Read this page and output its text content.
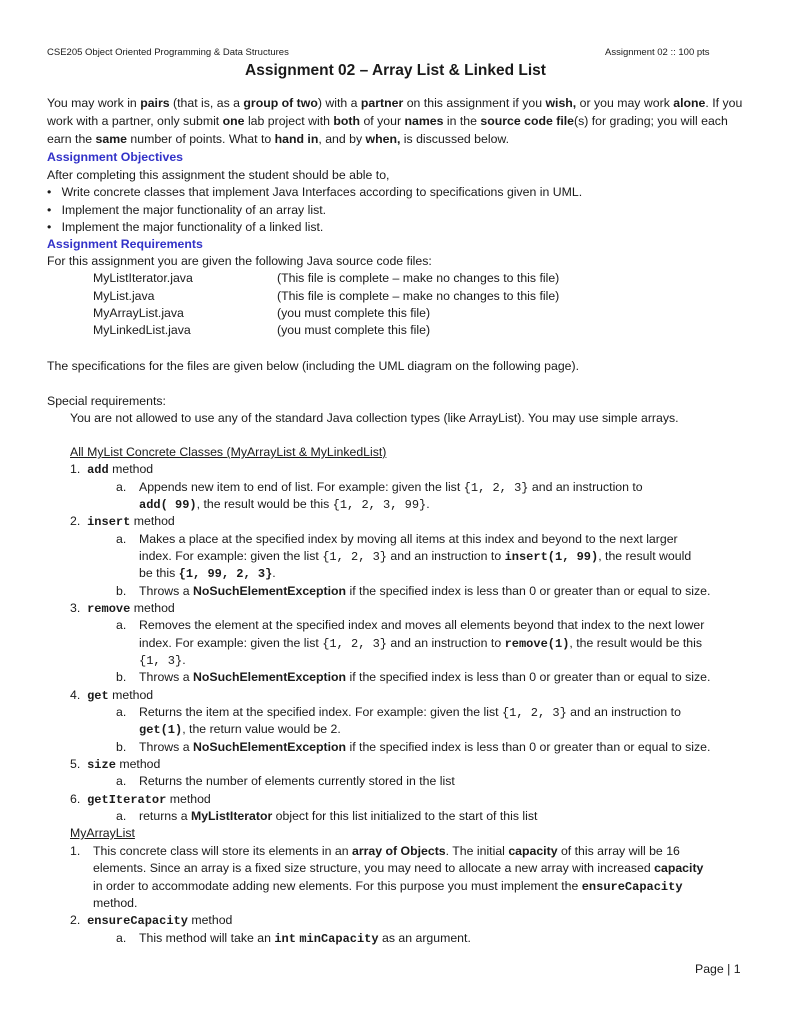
CSE205 Object Oriented Programming & Data Structures	Assignment 02 :: 100 pts
Assignment 02 – Array List & Linked List
You may work in pairs (that is, as a group of two) with a partner on this assignment if you wish, or you may work alone. If you work with a partner, only submit one lab project with both of your names in the source code file(s) for grading; you will each earn the same number of points. What to hand in, and by when, is discussed below.
Assignment Objectives
After completing this assignment the student should be able to,
•   Write concrete classes that implement Java Interfaces according to specifications given in UML.
•   Implement the major functionality of an array list.
•   Implement the major functionality of a linked list.
Assignment Requirements
For this assignment you are given the following Java source code files:
MyListIterator.java	(This file is complete – make no changes to this file)
MyList.java	(This file is complete – make no changes to this file)
MyArrayList.java	(you must complete this file)
MyLinkedList.java	(you must complete this file)
The specifications for the files are given below (including the UML diagram on the following page).
Special requirements:
You are not allowed to use any of the standard Java collection types (like ArrayList). You may use simple arrays.
All MyList Concrete Classes (MyArrayList & MyLinkedList)
1. add method
a. Appends new item to end of list. For example: given the list {1, 2, 3} and an instruction to
add( 99), the result would be this {1, 2, 3, 99}.
2. insert method
a. Makes a place at the specified index by moving all items at this index and beyond to the next larger
index. For example: given the list {1, 2, 3} and an instruction to insert(1, 99), the result would
be this {1, 99, 2, 3}.
b. Throws a NoSuchElementException if the specified index is less than 0 or greater than or equal to size.
3. remove method
a. Removes the element at the specified index and moves all elements beyond that index to the next lower
index. For example: given the list {1, 2, 3} and an instruction to remove(1), the result would be this
{1, 3}.
b. Throws a NoSuchElementException if the specified index is less than 0 or greater than or equal to size.
4. get method
a. Returns the item at the specified index. For example: given the list {1, 2, 3} and an instruction to
get(1), the return value would be 2.
b. Throws a NoSuchElementException if the specified index is less than 0 or greater than or equal to size.
5. size method
a. Returns the number of elements currently stored in the list
6. getIterator method
a. returns a MyListIterator object for this list initialized to the start of this list
MyArrayList
1. This concrete class will store its elements in an array of Objects. The initial capacity of this array will be 16
elements. Since an array is a fixed size structure, you may need to allocate a new array with increased capacity
in order to accommodate adding new elements. For this purpose you must implement the ensureCapacity
method.
2. ensureCapacity method
a. This method will take an int minCapacity as an argument.
Page | 1
